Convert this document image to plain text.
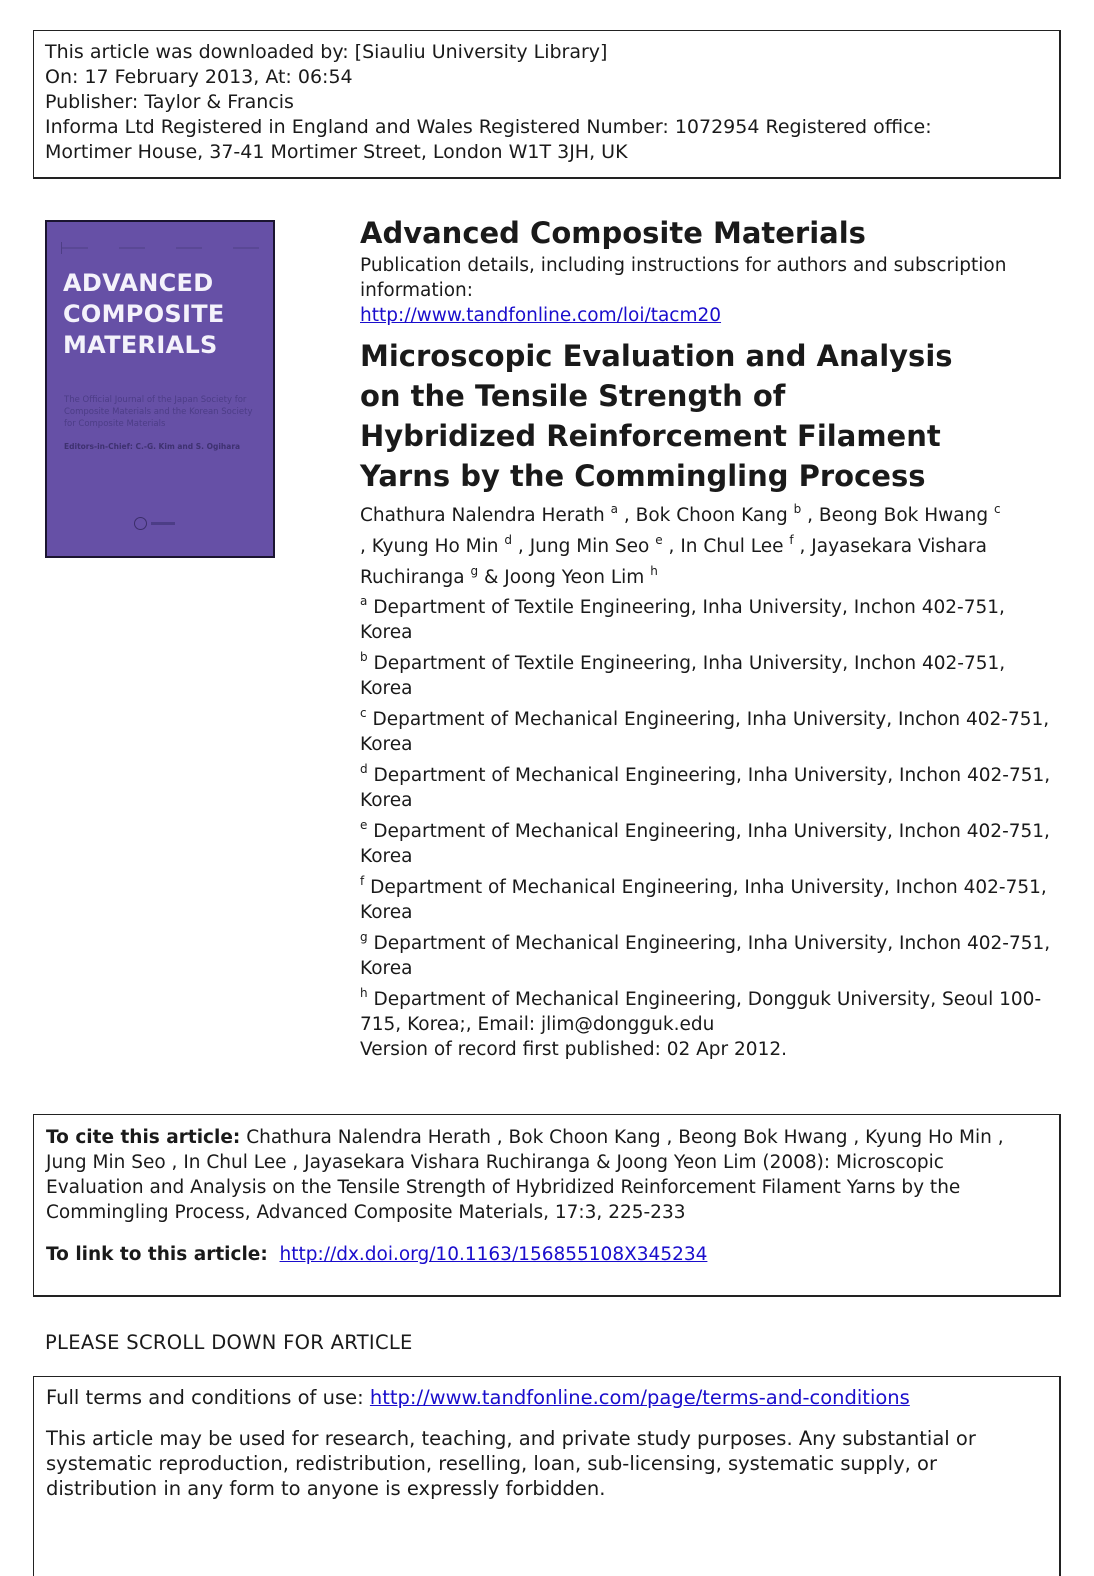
This article was downloaded by: [Siauliu University Library]
On: 17 February 2013, At: 06:54
Publisher: Taylor & Francis
Informa Ltd Registered in England and Wales Registered Number: 1072954 Registered office:
Mortimer House, 37-41 Mortimer Street, London W1T 3JH, UK
ADVANCED
COMPOSITE
MATERIALS
The Official Journal of the Japan Society for Composite Materials and the Korean Society for Composite Materials
Editors-in-Chief: C.-G. Kim and S. Ogihara
Advanced Composite Materials

Publication details, including instructions for authors and subscription information:
http://www.tandfonline.com/loi/tacm20

Microscopic Evaluation and Analysis on the Tensile Strength of Hybridized Reinforcement Filament Yarns by the Commingling Process
Chathura Nalendra Herath $^a$ , Bok Choon Kang $^b$ , Beong Bok Hwang $^c$
, Kyung Ho Min $^d$ , Jung Min Seo $^e$ , In Chul Lee $^f$ , Jayasekara Vishara Ruchiranga $^g$ & Joong Yeon Lim $^h$
$^a$ Department of Textile Engineering, Inha University, Inchon 402-751, Korea
$^b$ Department of Textile Engineering, Inha University, Inchon 402-751, Korea
$^c$ Department of Mechanical Engineering, Inha University, Inchon 402-751, Korea
$^d$ Department of Mechanical Engineering, Inha University, Inchon 402-751, Korea
$^e$ Department of Mechanical Engineering, Inha University, Inchon 402-751, Korea
$^f$ Department of Mechanical Engineering, Inha University, Inchon 402-751, Korea
$^g$ Department of Mechanical Engineering, Inha University, Inchon 402-751, Korea
$^h$ Department of Mechanical Engineering, Dongguk University, Seoul 100-715, Korea;, Email: jlim@dongguk.edu
Version of record first published: 02 Apr 2012.
To cite this article: Chathura Nalendra Herath , Bok Choon Kang , Beong Bok Hwang , Kyung Ho Min , Jung Min Seo , In Chul Lee , Jayasekara Vishara Ruchiranga & Joong Yeon Lim (2008): Microscopic Evaluation and Analysis on the Tensile Strength of Hybridized Reinforcement Filament Yarns by the Commingling Process, Advanced Composite Materials, 17:3, 225-233
To link to this article: http://dx.doi.org/10.1163/156855108X345234
PLEASE SCROLL DOWN FOR ARTICLE
Full terms and conditions of use: http://www.tandfonline.com/page/terms-and-conditions
This article may be used for research, teaching, and private study purposes. Any substantial or systematic reproduction, redistribution, reselling, loan, sub-licensing, systematic supply, or distribution in any form to anyone is expressly forbidden.
